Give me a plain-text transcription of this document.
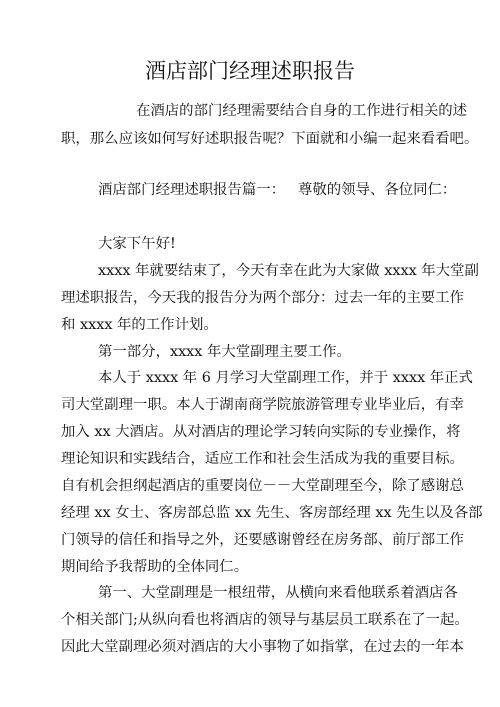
酒店部门经理述职报告
在酒店的部门经理需要结合自身的工作进行相关的述
职，那么应该如何写好述职报告呢？下面就和小编一起来看看吧。
酒店部门经理述职报告篇一： 尊敬的领导、各位同仁：
大家下午好!
xxxx 年就要结束了，今天有幸在此为大家做 xxxx 年大堂副
理述职报告，今天我的报告分为两个部分：过去一年的主要工作
和 xxxx 年的工作计划。
第一部分，xxxx 年大堂副理主要工作。
本人于 xxxx 年 6 月学习大堂副理工作，并于 xxxx 年正式
司大堂副理一职。本人于湖南商学院旅游管理专业毕业后，有幸
加入 xx 大酒店。从对酒店的理论学习转向实际的专业操作，将
理论知识和实践结合，适应工作和社会生活成为我的重要目标。
自有机会担纲起酒店的重要岗位－－大堂副理至今，除了感谢总
经理 xx 女士、客房部总监 xx 先生、客房部经理 xx 先生以及各部
门领导的信任和指导之外，还要感谢曾经在房务部、前厅部工作
期间给予我帮助的全体同仁。
第一、大堂副理是一根纽带，从横向来看他联系着酒店各
个相关部门;从纵向看也将酒店的领导与基层员工联系在了一起。
因此大堂副理必须对酒店的大小事物了如指掌，在过去的一年本
